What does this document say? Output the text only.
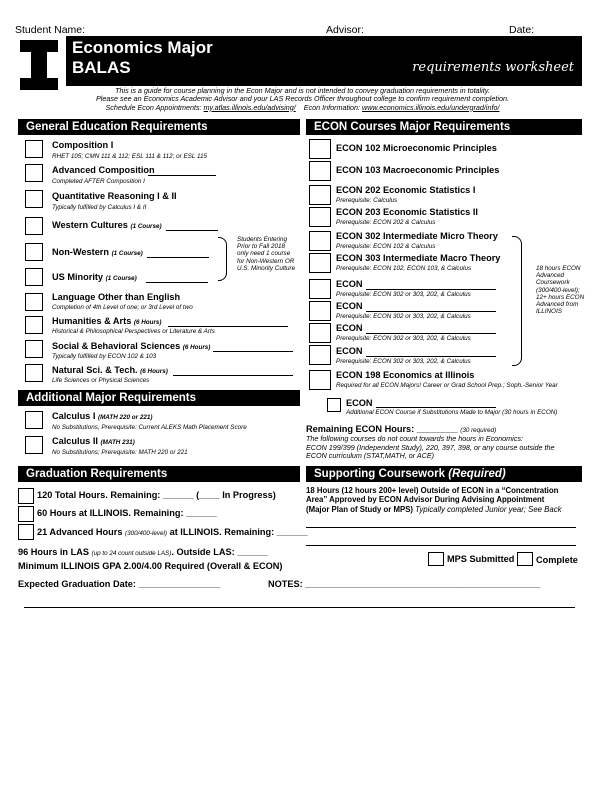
Student Name:	Advisor:	Date:
Economics Major
BALAS	requirements worksheet
This is a guide for course planning in the Econ Major and is not intended to convey graduation requirements in totality.
Please see an Economics Academic Advisor and your LAS Records Officer throughout college to confirm requirement completion.
Schedule Econ Appointments: my.atlas.illinois.edu/advising/ Econ Information: www.economics.illinois.edu/undergrad/info/
General Education Requirements
Composition I
RHET 105; CMN 111 & 112; ESL 111 & 112; or ESL 115
Advanced Composition
Completed AFTER Composition I
Quantitative Reasoning I & II
Typically fulfilled by Calculus I & II
Western Cultures (1 Course)
Non-Western (1 Course)
US Minority (1 Course)
Students Entering Prior to Fall 2018 only need 1 course for Non-Western OR U.S. Minority Culture
Language Other than English
Completion of 4th Level of one; or 3rd Level of two
Humanities & Arts (6 Hours)
Historical & Philosophical Perspectives or Literature & Arts
Social & Behavioral Sciences (6 Hours)
Typically fulfilled by ECON 102 & 103
Natural Sci. & Tech. (6 Hours)
Life Sciences or Physical Sciences
Additional Major Requirements
Calculus I (MATH 220 or 221)
No Substitutions; Prerequisite: Current ALEKS Math Placement Score
Calculus II (MATH 231)
No Substitutions; Prerequisite: MATH 220 or 221
Graduation Requirements
120 Total Hours. Remaining: ______ (____ In Progress)
60 Hours at ILLINOIS. Remaining: ______
21 Advanced Hours (300/400-level) at ILLINOIS. Remaining: ______
96 Hours in LAS (up to 24 count outside LAS). Outside LAS: ______
Minimum ILLINOIS GPA 2.00/4.00 Required (Overall & ECON)
Expected Graduation Date: ________________	NOTES: ______________________________________________
ECON Courses Major Requirements
ECON 102 Microeconomic Principles
ECON 103 Macroeconomic Principles
ECON 202 Economic Statistics I
Prerequisite: Calculus
ECON 203 Economic Statistics II
Prerequisite: ECON 202 & Calculus
ECON 302 Intermediate Micro Theory
Prerequisite: ECON 102 & Calculus
ECON 303 Intermediate Macro Theory
Prerequisite: ECON 102, ECON 103, & Calculus
ECON
Prerequisite: ECON 302 or 303, 202, & Calculus
ECON
Prerequisite: ECON 302 or 303, 202, & Calculus
ECON
Prerequisite: ECON 302 or 303, 202, & Calculus
ECON
Prerequisite: ECON 302 or 303, 202, & Calculus
18 hours ECON Advanced Coursework (300/400-level); 12+ hours ECON Advanced from ILLINOIS
ECON 198 Economics at Illinois
Required for all ECON Majors! Career or Grad School Prep.; Soph.-Senior Year
ECON
Additional ECON Course if Substitutions Made to Major (30 hours in ECON)
Remaining ECON Hours: ________ (30 required)
The following courses do not count towards the hours in Economics:
ECON 199/399 (Independent Study), 220, 397, 398, or any course outside the
ECON curriculum (STAT,MATH, or ACE)
Supporting Coursework (Required)
18 Hours (12 hours 200+ level) Outside of ECON in a “Concentration
Area” Approved by ECON Advisor During Advising Appointment
(Major Plan of Study or MPS) Typically completed Junior year; See Back
MPS Submitted Complete
